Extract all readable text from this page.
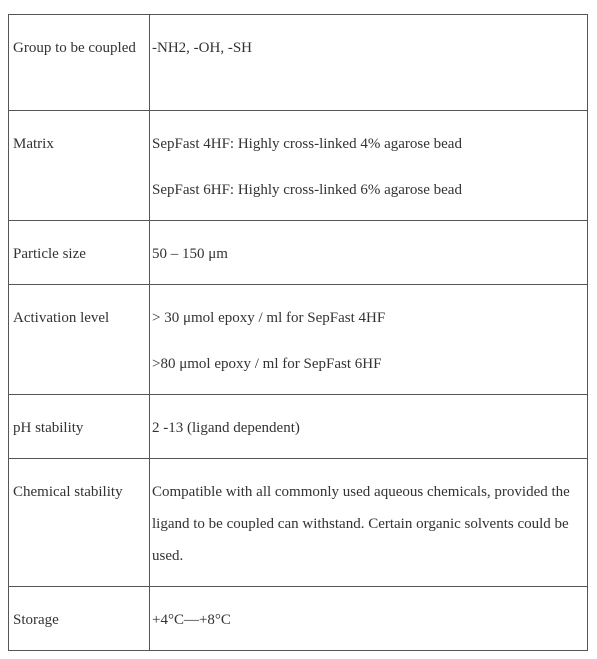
Group to be coupled	-NH2, -OH, -SH

Matrix	SepFast 4HF: Highly cross-linked 4% agarose bead

SepFast 6HF: Highly cross-linked 6% agarose bead

Particle size	50 – 150 μm

Activation level	> 30 μmol epoxy / ml for SepFast 4HF

>80 μmol epoxy / ml for SepFast 6HF

pH stability	2 -13 (ligand dependent)

Chemical stability	Compatible with all commonly used aqueous chemicals, provided the ligand to be coupled can withstand. Certain organic solvents could be used.

Storage	+4°C—+8°C
